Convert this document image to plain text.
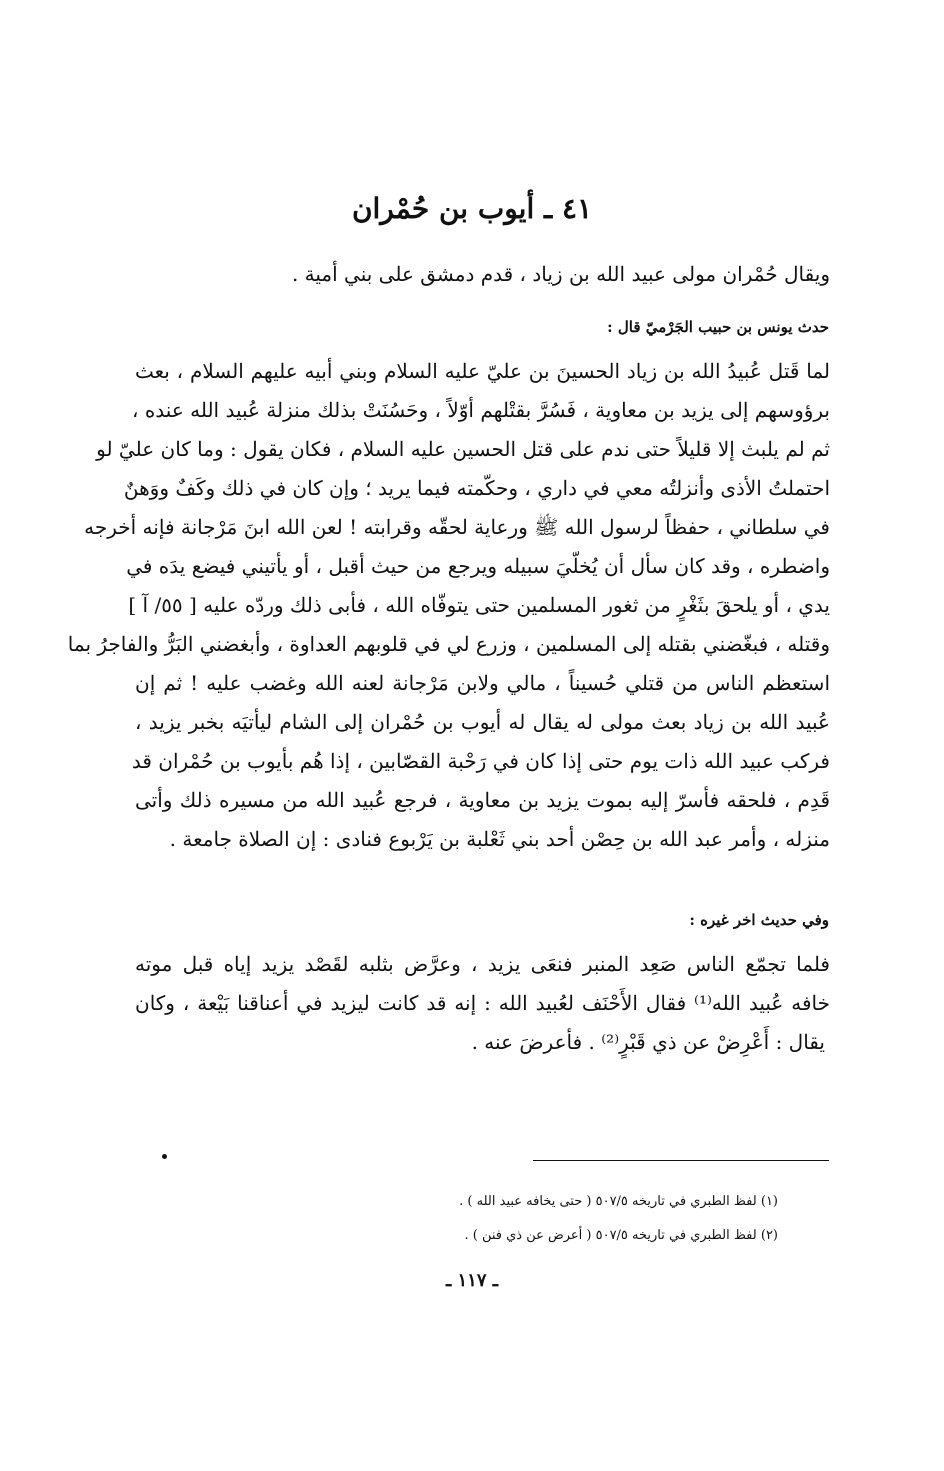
٤١ ـ أيوب بن حُمْران
ويقال حُمْران مولى عبيد الله بن زياد ، قدم دمشق على بني أمية .
حدث يونس بن حبيب الجَرْميّ قال :
لما قَتل عُبيدُ الله بن زياد الحسينَ بن عليّ عليه السلام وبني أبيه عليهم السلام ، بعث
برؤوسهم إلى يزيد بن معاوية ، فَسُرَّ بقتْلهم أوّلاً ، وحَسُنَتْ بذلك منزلة عُبيد الله عنده ،
ثم لم يلبث إلا قليلاً حتى ندم على قتل الحسين عليه السلام ، فكان يقول : وما كان عليّ لو
احتملتُ الأذى وأنزلتُه معي في داري ، وحكّمته فيما يريد ؛ وإن كان في ذلك وكَفٌ ووَهنٌ
في سلطاني ، حفظاً لرسول الله ﷺ ورعاية لحقّه وقرابته ! لعن الله ابنَ مَرْجانة فإنه أخرجه
واضطره ، وقد كان سأل أن يُخلّيَ سبيله ويرجع من حيث أقبل ، أو يأتيني فيضع يدَه في
يدي ، أو يلحقَ بثَغْرٍ من ثغور المسلمين حتى يتوفّاه الله ، فأبى ذلك وردّه عليه [ ٥٥/ آ ]
وقتله ، فبغّضني بقتله إلى المسلمين ، وزرع لي في قلوبهم العداوة ، وأبغضني البَرُّ والفاجرُ بما
استعظم الناس من قتلي حُسيناً ، مالي ولابن مَرْجانة لعنه الله وغضب عليه ! ثم إن
عُبيد الله بن زياد بعث مولى له يقال له أيوب بن حُمْران إلى الشام ليأتيَه بخبر يزيد ،
فركب عبيد الله ذات يوم حتى إذا كان في رَحْبة القصّابين ، إذا هُم بأيوب بن حُمْران قد
قَدِم ، فلحقه فأسرّ إليه بموت يزيد بن معاوية ، فرجع عُبيد الله من مسيره ذلك وأتى
منزله ، وأمر عبد الله بن حِصْن أحد بني ثَعْلبة بن يَرْبوع فنادى : إن الصلاة جامعة .
وفي حديث اخر غيره :
فلما تجمّع الناس صَعِد المنبر فنعَى يزيد ، وعرَّض بثلبه لقَصْد يزيد إياه قبل موته
خافه عُبيد الله⁽¹⁾ فقال الأَحْنَف لعُبيد الله : إنه قد كانت ليزيد في أعناقنا بَيْعة ، وكان
يقال : أَعْرِضْ عن ذي قَبْرٍ⁽²⁾ . فأعرضَ عنه .
(١) لفظ الطبري في تاريخه ٥٠٧/٥ ( حتى يخافه عبيد الله ) .
(٢) لفظ الطبري في تاريخه ٥٠٧/٥ ( أعرض عن ذي فنن ) .
ـ ١١٧ ـ
